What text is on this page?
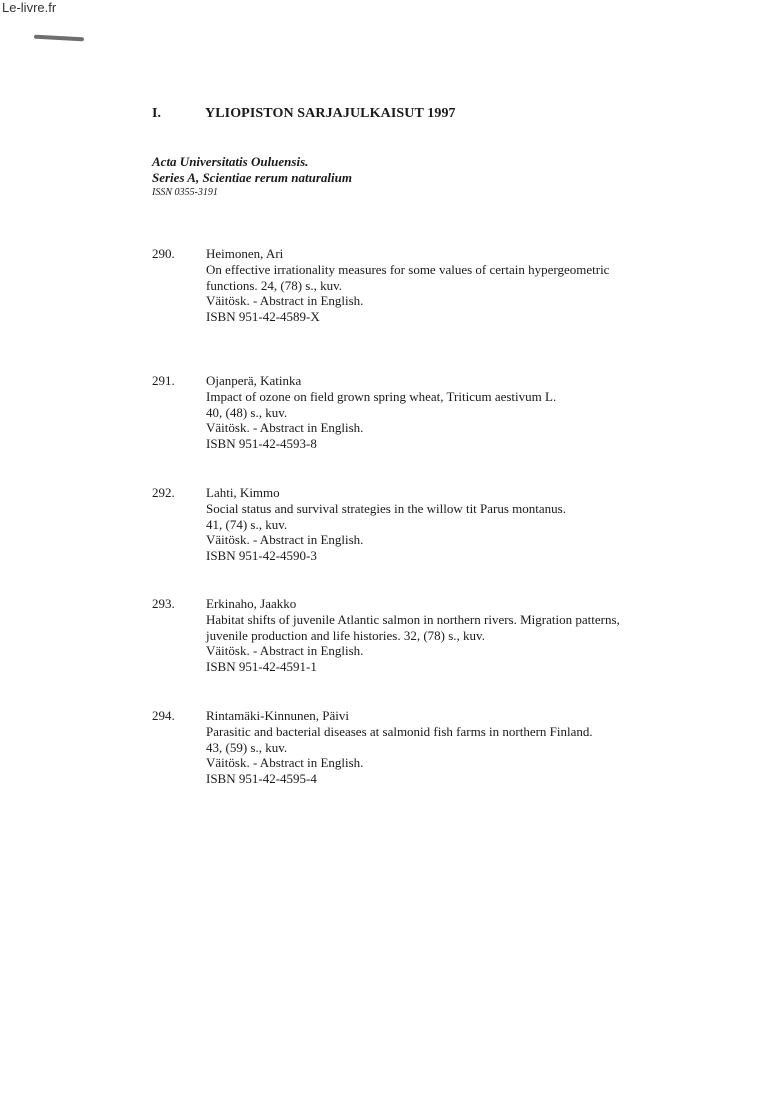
Le-livre.fr
I.	YLIOPISTON SARJAJULKAISUT 1997
Acta Universitatis Ouluensis.
Series A, Scientiae rerum naturalium
ISSN 0355-3191
290. Heimonen, Ari
On effective irrationality measures for some values of certain hypergeometric
functions. 24, (78) s., kuv.
Väitösk. - Abstract in English.
ISBN 951-42-4589-X
291. Ojanperä, Katinka
Impact of ozone on field grown spring wheat, Triticum aestivum L.
40, (48) s., kuv.
Väitösk. - Abstract in English.
ISBN 951-42-4593-8
292. Lahti, Kimmo
Social status and survival strategies in the willow tit Parus montanus.
41, (74) s., kuv.
Väitösk. - Abstract in English.
ISBN 951-42-4590-3
293. Erkinaho, Jaakko
Habitat shifts of juvenile Atlantic salmon in northern rivers. Migration patterns,
juvenile production and life histories. 32, (78) s., kuv.
Väitösk. - Abstract in English.
ISBN 951-42-4591-1
294. Rintamäki-Kinnunen, Päivi
Parasitic and bacterial diseases at salmonid fish farms in northern Finland.
43, (59) s., kuv.
Väitösk. - Abstract in English.
ISBN 951-42-4595-4
